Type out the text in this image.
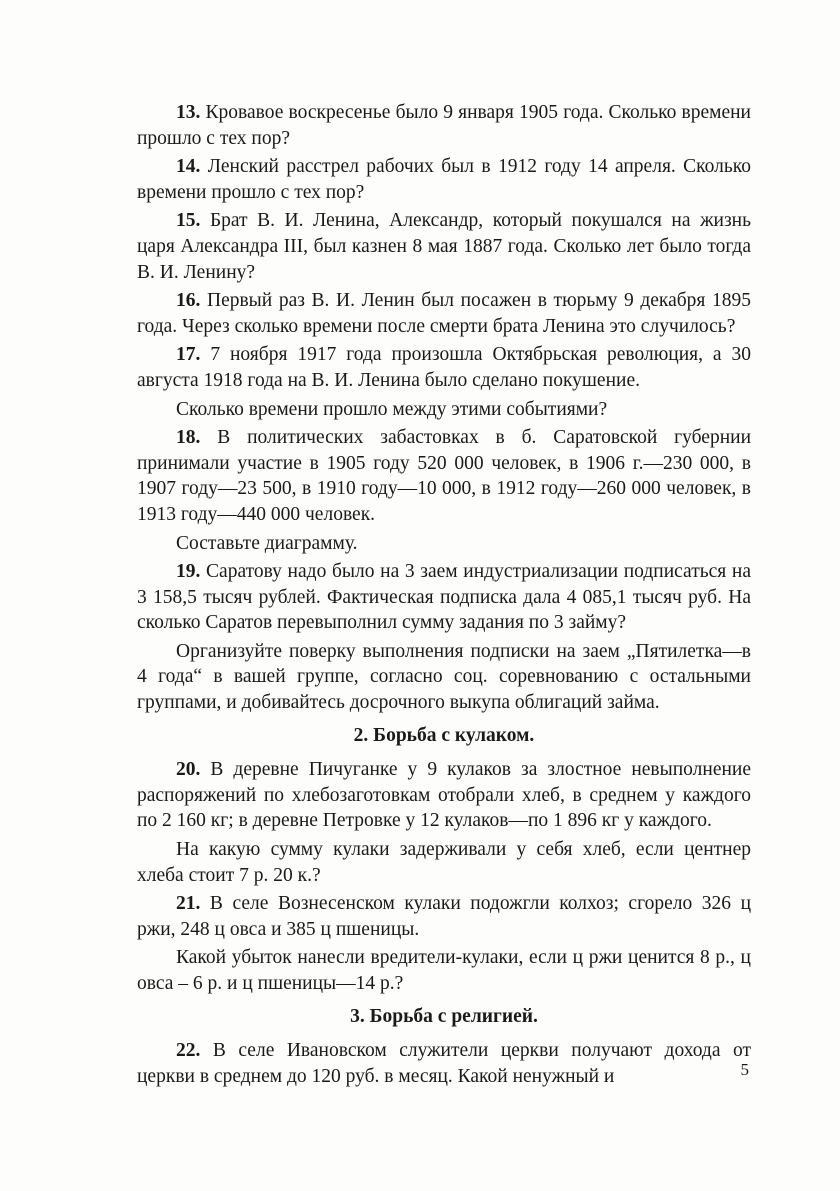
13. Кровавое воскресенье было 9 января 1905 года. Сколько времени прошло с тех пор?

14. Ленский расстрел рабочих был в 1912 году 14 апреля. Сколько времени прошло с тех пор?

15. Брат В. И. Ленина, Александр, который покушался на жизнь царя Александра III, был казнен 8 мая 1887 года. Сколько лет было тогда В. И. Ленину?

16. Первый раз В. И. Ленин был посажен в тюрьму 9 декабря 1895 года. Через сколько времени после смерти брата Ленина это случилось?

17. 7 ноября 1917 года произошла Октябрьская революция, а 30 августа 1918 года на В. И. Ленина было сделано покушение.

Сколько времени прошло между этими событиями?

18. В политических забастовках в б. Саратовской губернии принимали участие в 1905 году 520 000 человек, в 1906 г.—230 000, в 1907 году—23 500, в 1910 году—10 000, в 1912 году—260 000 человек, в 1913 году—440 000 человек.

Составьте диаграмму.

19. Саратову надо было на 3 заем индустриализации подписаться на 3 158,5 тысяч рублей. Фактическая подписка дала 4 085,1 тысяч руб. На сколько Саратов перевыполнил сумму задания по 3 займу?

Организуйте поверку выполнения подписки на заем „Пятилетка—в 4 года“ в вашей группе, согласно соц. соревнованию с остальными группами, и добивайтесь досрочного выкупа облигаций займа.

2. Борьба с кулаком.

20. В деревне Пичуганке у 9 кулаков за злостное невыполнение распоряжений по хлебозаготовкам отобрали хлеб, в среднем у каждого по 2 160 кг; в деревне Петровке у 12 кулаков—по 1 896 кг у каждого.

На какую сумму кулаки задерживали у себя хлеб, если центнер хлеба стоит 7 р. 20 к.?

21. В селе Вознесенском кулаки подожгли колхоз; сгорело 326 ц ржи, 248 ц овса и 385 ц пшеницы.

Какой убыток нанесли вредители-кулаки, если ц ржи ценится 8 р., ц овса – 6 р. и ц пшеницы—14 р.?

3. Борьба с религией.

22. В селе Ивановском служители церкви получают дохода от церкви в среднем до 120 руб. в месяц. Какой ненужный и	5
